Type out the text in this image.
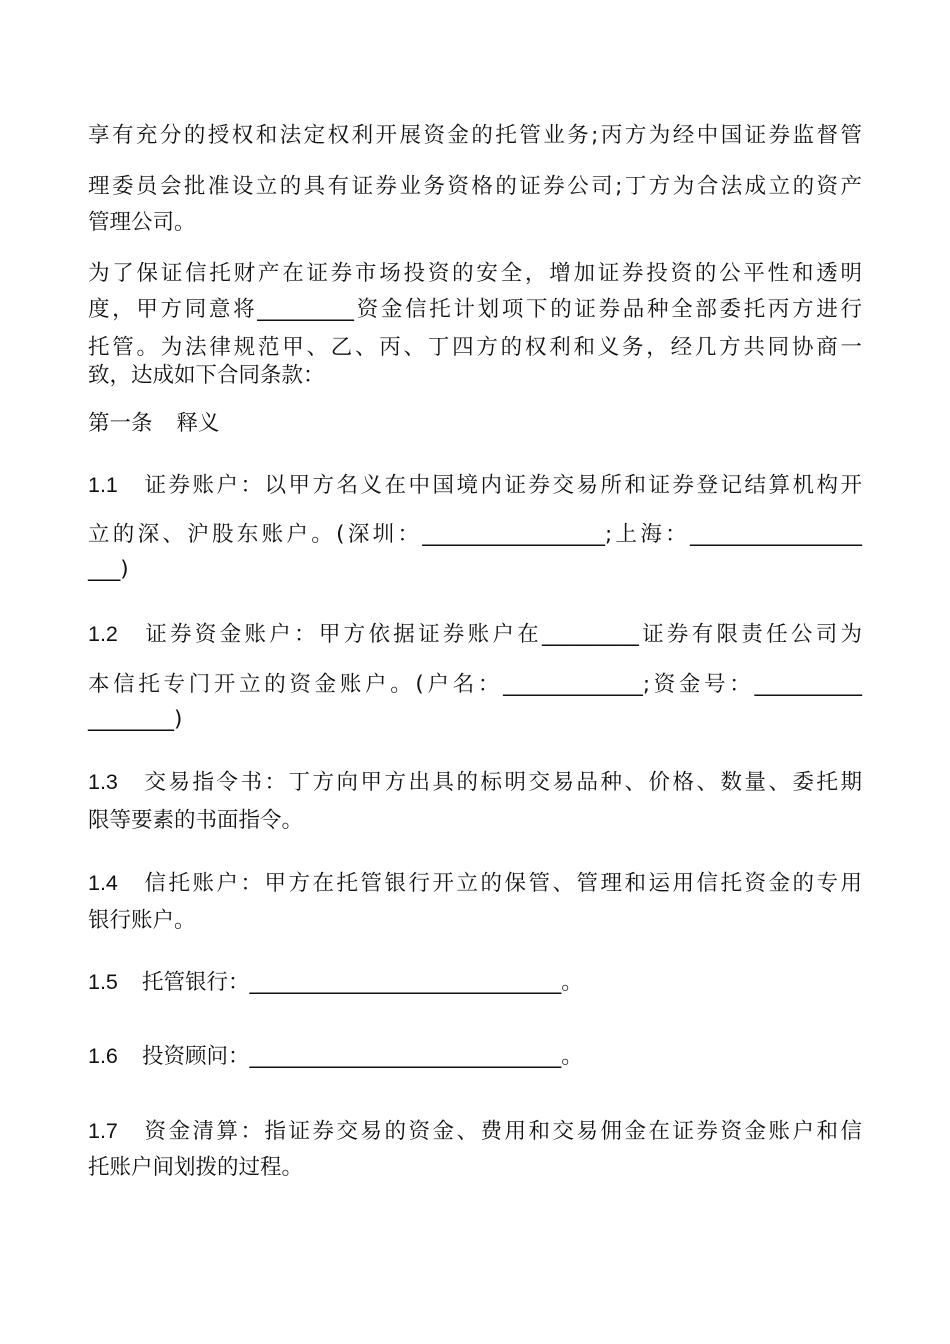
享有充分的授权和法定权利开展资金的托管业务;丙方为经中国证券监督管
理委员会批准设立的具有证券业务资格的证券公司;丁方为合法成立的资产
管理公司。
为了保证信托财产在证券市场投资的安全，增加证券投资的公平性和透明
度，甲方同意将_________资金信托计划项下的证券品种全部委托丙方进行
托管。为法律规范甲、乙、丙、丁四方的权利和义务，经几方共同协商一
致，达成如下合同条款：
第一条 释义
1.1 证券账户：以甲方名义在中国境内证券交易所和证券登记结算机构开
立的深、沪股东账户。(深圳：_________________;上海：________________
___)
1.2 证券资金账户：甲方依据证券账户在_________证券有限责任公司为
本信托专门开立的资金账户。(户名：_____________;资金号：__________
________)
1.3 交易指令书：丁方向甲方出具的标明交易品种、价格、数量、委托期
限等要素的书面指令。
1.4 信托账户：甲方在托管银行开立的保管、管理和运用信托资金的专用
银行账户。
1.5 托管银行：_____________________________。
1.6 投资顾问：_____________________________。
1.7 资金清算：指证券交易的资金、费用和交易佣金在证券资金账户和信
托账户间划拨的过程。
